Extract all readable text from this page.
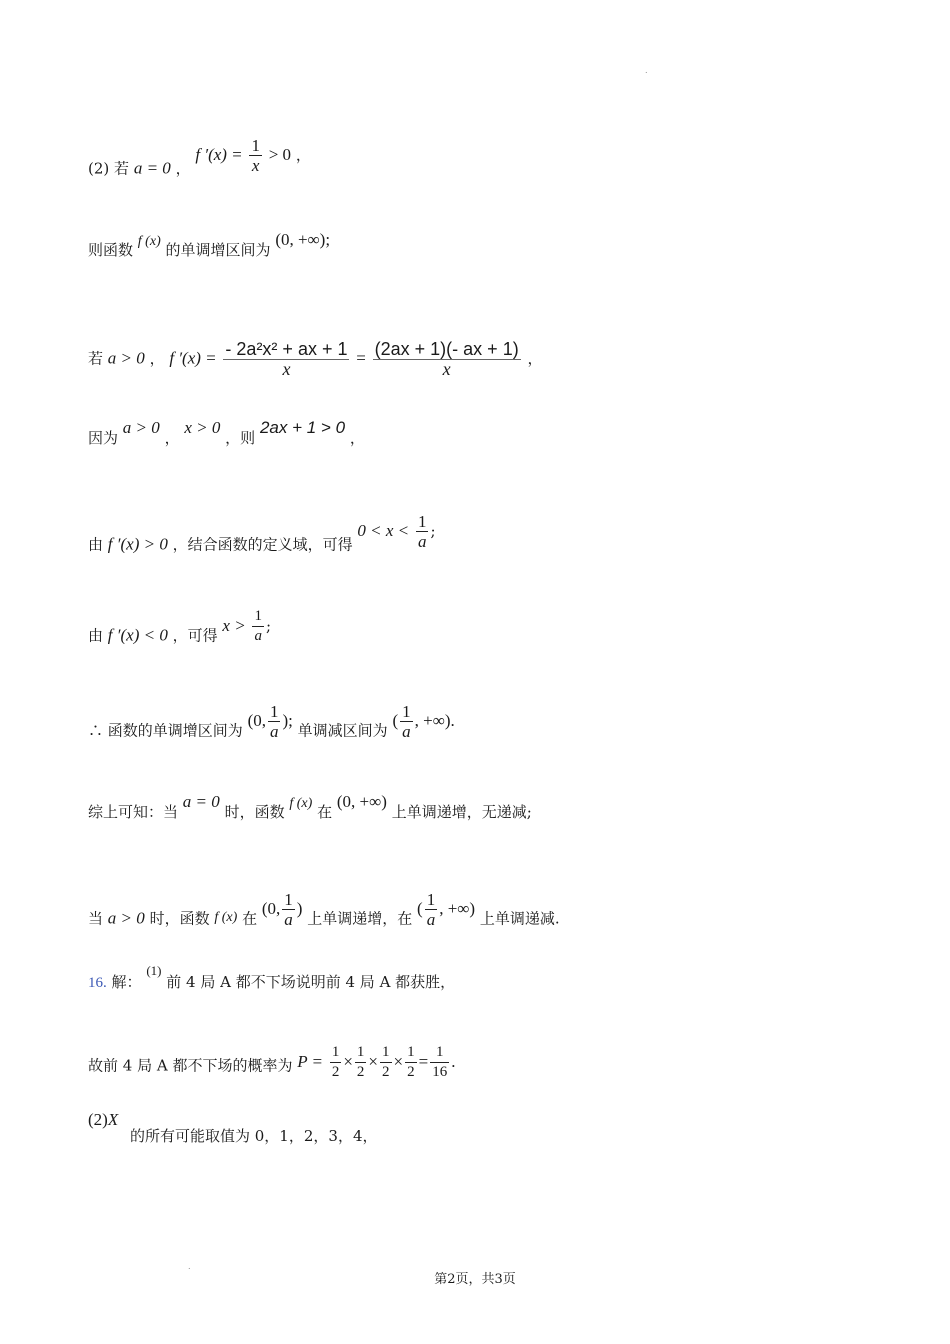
.
(2) 若 a = 0 ， f $'(x) = \frac{1}{x} > 0$ ，
则函数 f (x) 的单调增区间为 (0, +∞);
若 a > 0 ， f $'(x) = \frac{\text{- 2a²x² + ax + 1}}{x} = \frac{(2ax + 1)(- ax + 1)}{x}$ ，
因为 a > 0 ， x > 0 ，则 2ax + 1 > 0 ，
由 f ′(x) > 0 ，结合函数的定义域，可得 $0 < x < \frac{1}{a}$ ;
由 f ′(x) < 0 ，可得 $x > \frac{1}{a}$ ;
∴ 函数的单调增区间为 (0, $\frac{1}{a}$ ); 单调减区间为 ( $\frac{1}{a}$ , +∞).
综上可知：当 a = 0 时，函数 f (x) 在 (0, +∞) 上单调递增，无递减;
当 a > 0 时，函数 f (x) 在 (0, $\frac{1}{a}$ ) 上单调递增，在 ( $\frac{1}{a}$ , +∞) 上单调递减.
16. 解： (1) 前 4 局 A 都不下场说明前 4 局 A 都获胜，
故前 4 局 A 都不下场的概率为 $P = \frac{1}{2} \times \frac{1}{2} \times \frac{1}{2} \times \frac{1}{2} = \frac{1}{16}$ .
(2)X
的所有可能取值为 0，1，2，3，4，
.
第2页，共3页
